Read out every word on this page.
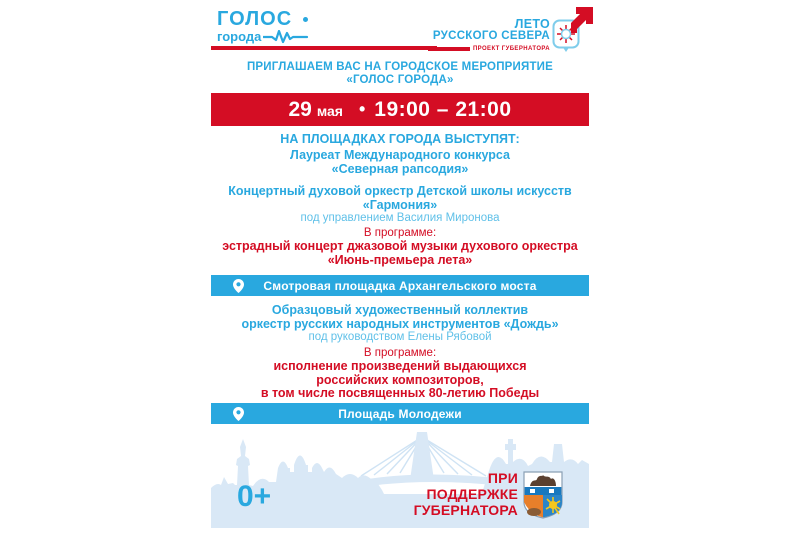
ГОЛОС
города
ЛЕТО
РУССКОГО СЕВЕРА
ПРОЕКТ ГУБЕРНАТОРА
ПРИГЛАШАЕМ ВАС НА ГОРОДСКОЕ МЕРОПРИЯТИЕ
«ГОЛОС ГОРОДА»
29 мая • 19:00 – 21:00
НА ПЛОЩАДКАХ ГОРОДА ВЫСТУПЯТ:
Лауреат Международного конкурса
«Северная рапсодия»
Концертный духовой оркестр Детской школы искусств
«Гармония»
под управлением Василия Миронова
В программе:
эстрадный концерт джазовой музыки духового оркестра
«Июнь-премьера лета»
Смотровая площадка Архангельского моста
Образцовый художественный коллектив
оркестр русских народных инструментов «Дождь»
под руководством Елены Рябовой
В программе:
исполнение произведений выдающихся
российских композиторов,
в том числе посвященных 80-летию Победы
Площадь Молодежи
0+
ПРИ
ПОДДЕРЖКЕ
ГУБЕРНАТОРА
